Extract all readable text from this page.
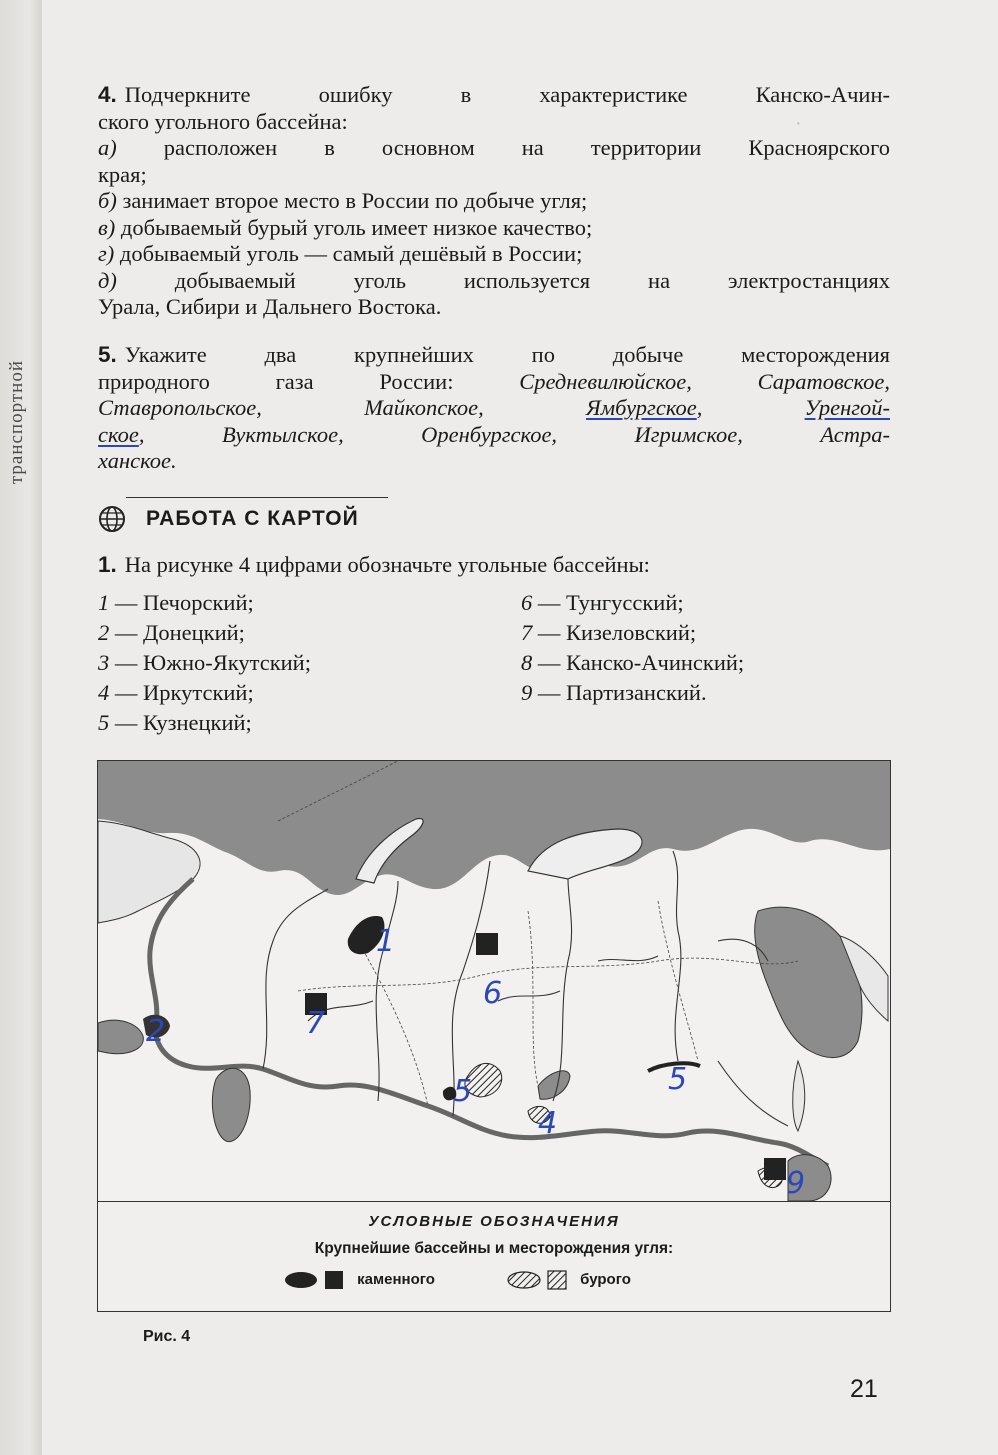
транспортной
·

4. Подчеркните ошибку в характеристике Канско-Ачин-

ского угольного бассейна:

а) расположен в основном на территории Красноярского

края;

б) занимает второе место в России по добыче угля;

в) добываемый бурый уголь имеет низкое качество;

г) добываемый уголь — самый дешёвый в России;

д)	добываемый уголь используется на электростанциях

Урала, Сибири и Дальнего Востока.

5. Укажите два крупнейших по добыче месторождения

природного газа России:	Средневилюйское, Саратовское,

Ставропольское, Майкопское,	Ямбургское,	Уренгой-

ское, Вуктылское, Оренбургское, Игримское, Астра-

ханское.

РАБОТА С КАРТОЙ
1. На рисунке 4 цифрами обозначьте угольные бассейны:
1 — Печорский;
2 — Донецкий;
3 — Южно-Якутский;
4 — Иркутский;
5 — Кузнецкий;
6 — Тунгусский;
7 — Кизеловский;
8 — Канско-Ачинский;
9 — Партизанский.
1
2	7
6
5
4
5
9
УСЛОВНЫЕ ОБОЗНАЧЕНИЯ
Крупнейшие бассейны и месторождения угля:
каменного	бурого
Рис. 4
21
